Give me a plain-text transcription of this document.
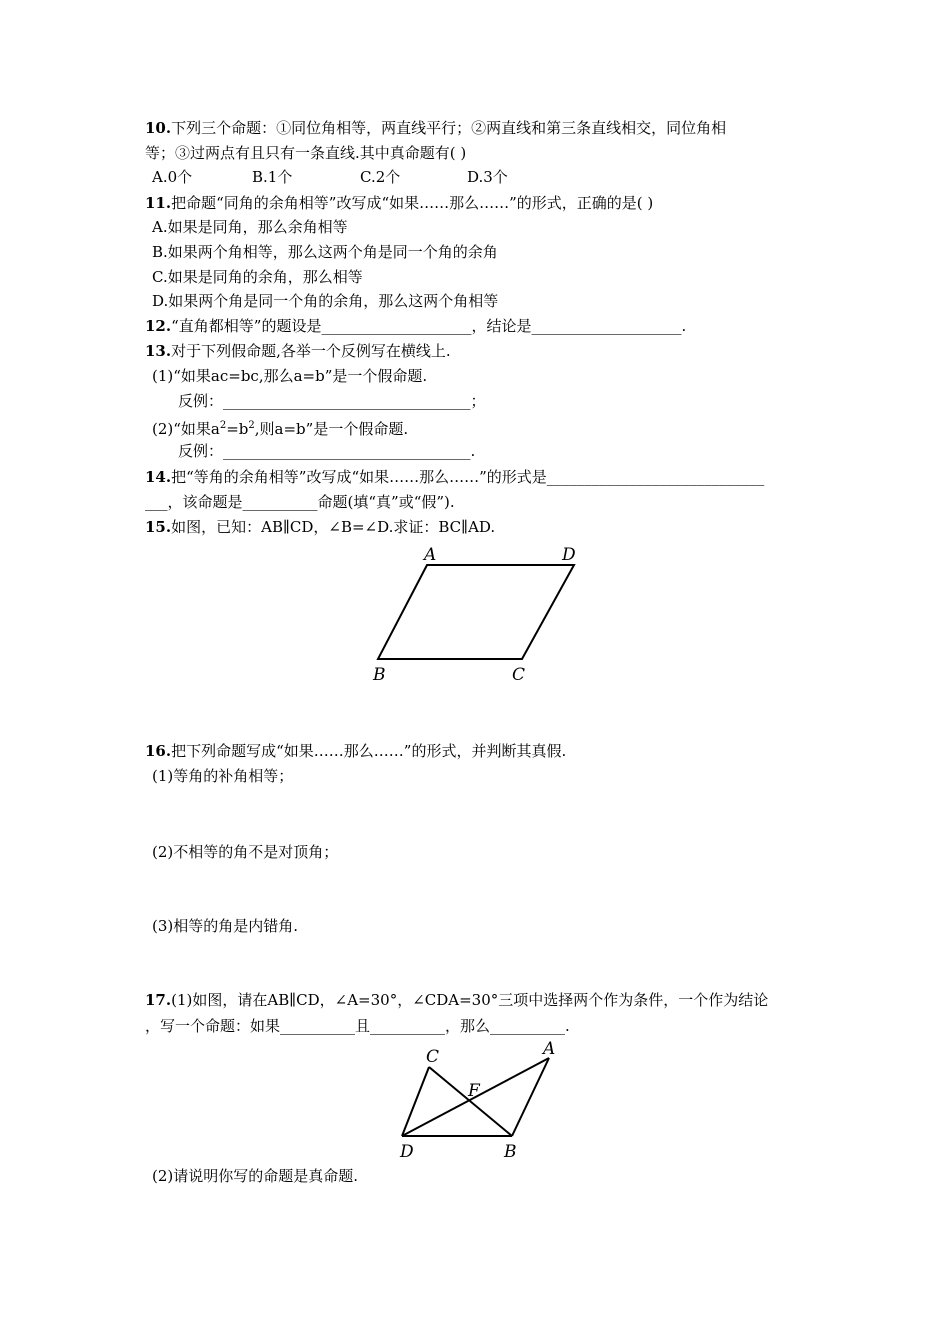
10.下列三个命题：①同位角相等，两直线平行；②两直线和第三条直线相交，同位角相
等；③过两点有且只有一条直线.其中真命题有( )
A.0个	B.1个	C.2个	D.3个
11.把命题“同角的余角相等”改写成“如果……那么……”的形式，正确的是( )
A.如果是同角，那么余角相等
B.如果两个角相等，那么这两个角是同一个角的余角
C.如果是同角的余角，那么相等
D.如果两个角是同一个角的余角，那么这两个角相等
12.“直角都相等”的题设是____________________，结论是____________________.
13.对于下列假命题,各举一个反例写在横线上.
(1)“如果ac=bc,那么a=b”是一个假命题.
反例：_________________________________；
(2)“如果$a^2=b^2$,则a=b”是一个假命题.
反例：_________________________________.
14.把“等角的余角相等”改写成“如果……那么……”的形式是_____________________________
___，该命题是__________命题(填“真”或“假”).
15.如图，已知：AB∥CD，∠B=∠D.求证：BC∥AD.
A	D
B	C
16.把下列命题写成“如果……那么……”的形式，并判断其真假.
(1)等角的补角相等；
(2)不相等的角不是对顶角；
(3)相等的角是内错角.
17.(1)如图，请在AB∥CD，∠A=30°，∠CDA=30°三项中选择两个作为条件，一个作为结论
，写一个命题：如果__________且__________，那么__________.
C	A
F
D	B
(2)请说明你写的命题是真命题.
